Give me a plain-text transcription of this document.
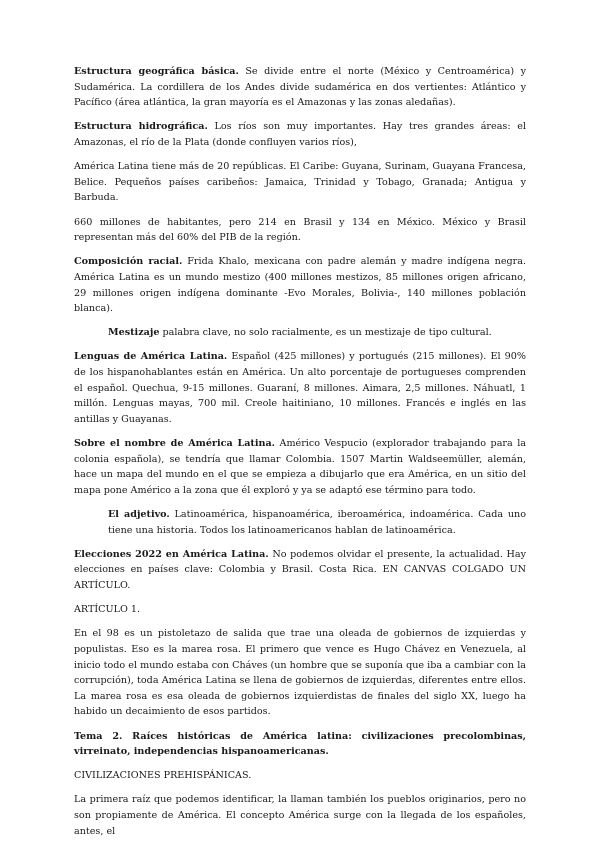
Estructura geográfica básica. Se divide entre el norte (México y Centroamérica) y Sudamérica. La cordillera de los Andes divide sudamérica en dos vertientes: Atlántico y Pacífico (área atlántica, la gran mayoría es el Amazonas y las zonas aledañas).

Estructura hidrográfica. Los ríos son muy importantes. Hay tres grandes áreas: el Amazonas, el río de la Plata (donde confluyen varios ríos),

América Latina tiene más de 20 repúblicas. El Caribe: Guyana, Surinam, Guayana Francesa, Belice. Pequeños países caribeños: Jamaica, Trinidad y Tobago, Granada; Antigua y Barbuda.

660 millones de habitantes, pero 214 en Brasil y 134 en México. México y Brasil representan más del 60% del PIB de la región.

Composición racial. Frida Khalo, mexicana con padre alemán y madre indígena negra. América Latina es un mundo mestizo (400 millones mestizos, 85 millones origen africano, 29 millones origen indígena dominante -Evo Morales, Bolivia-, 140 millones población blanca).

Mestizaje palabra clave, no solo racialmente, es un mestizaje de tipo cultural.

Lenguas de América Latina. Español (425 millones) y portugués (215 millones). El 90% de los hispanohablantes están en América. Un alto porcentaje de portugueses comprenden el español. Quechua, 9-15 millones. Guaraní, 8 millones. Aimara, 2,5 millones. Náhuatl, 1 millón. Lenguas mayas, 700 mil. Creole haitiniano, 10 millones. Francés e inglés en las antillas y Guayanas.

Sobre el nombre de América Latina. Américo Vespucio (explorador trabajando para la colonia española), se tendría que llamar Colombia. 1507 Martin Waldseemüller, alemán, hace un mapa del mundo en el que se empieza a dibujarlo que era América, en un sitio del mapa pone Américo a la zona que él exploró y ya se adaptó ese término para todo.

El adjetivo. Latinoamérica, hispanoamérica, iberoamérica, indoamérica. Cada uno tiene una historia. Todos los latinoamericanos hablan de latinoamérica.

Elecciones 2022 en América Latina. No podemos olvidar el presente, la actualidad. Hay elecciones en países clave: Colombia y Brasil. Costa Rica. EN CANVAS COLGADO UN ARTÍCULO.

ARTÍCULO 1.

En el 98 es un pistoletazo de salida que trae una oleada de gobiernos de izquierdas y populistas. Eso es la marea rosa. El primero que vence es Hugo Chávez en Venezuela, al inicio todo el mundo estaba con Cháves (un hombre que se suponía que iba a cambiar con la corrupción), toda América Latina se llena de gobiernos de izquierdas, diferentes entre ellos. La marea rosa es esa oleada de gobiernos izquierdistas de finales del siglo XX, luego ha habido un decaimiento de esos partidos.

Tema 2. Raíces históricas de América latina: civilizaciones precolombinas, virreinato, independencias hispanoamericanas.

CIVILIZACIONES PREHISPÁNICAS.

La primera raíz que podemos identificar, la llaman también los pueblos originarios, pero no son propiamente de América. El concepto América surge con la llegada de los españoles, antes, el
